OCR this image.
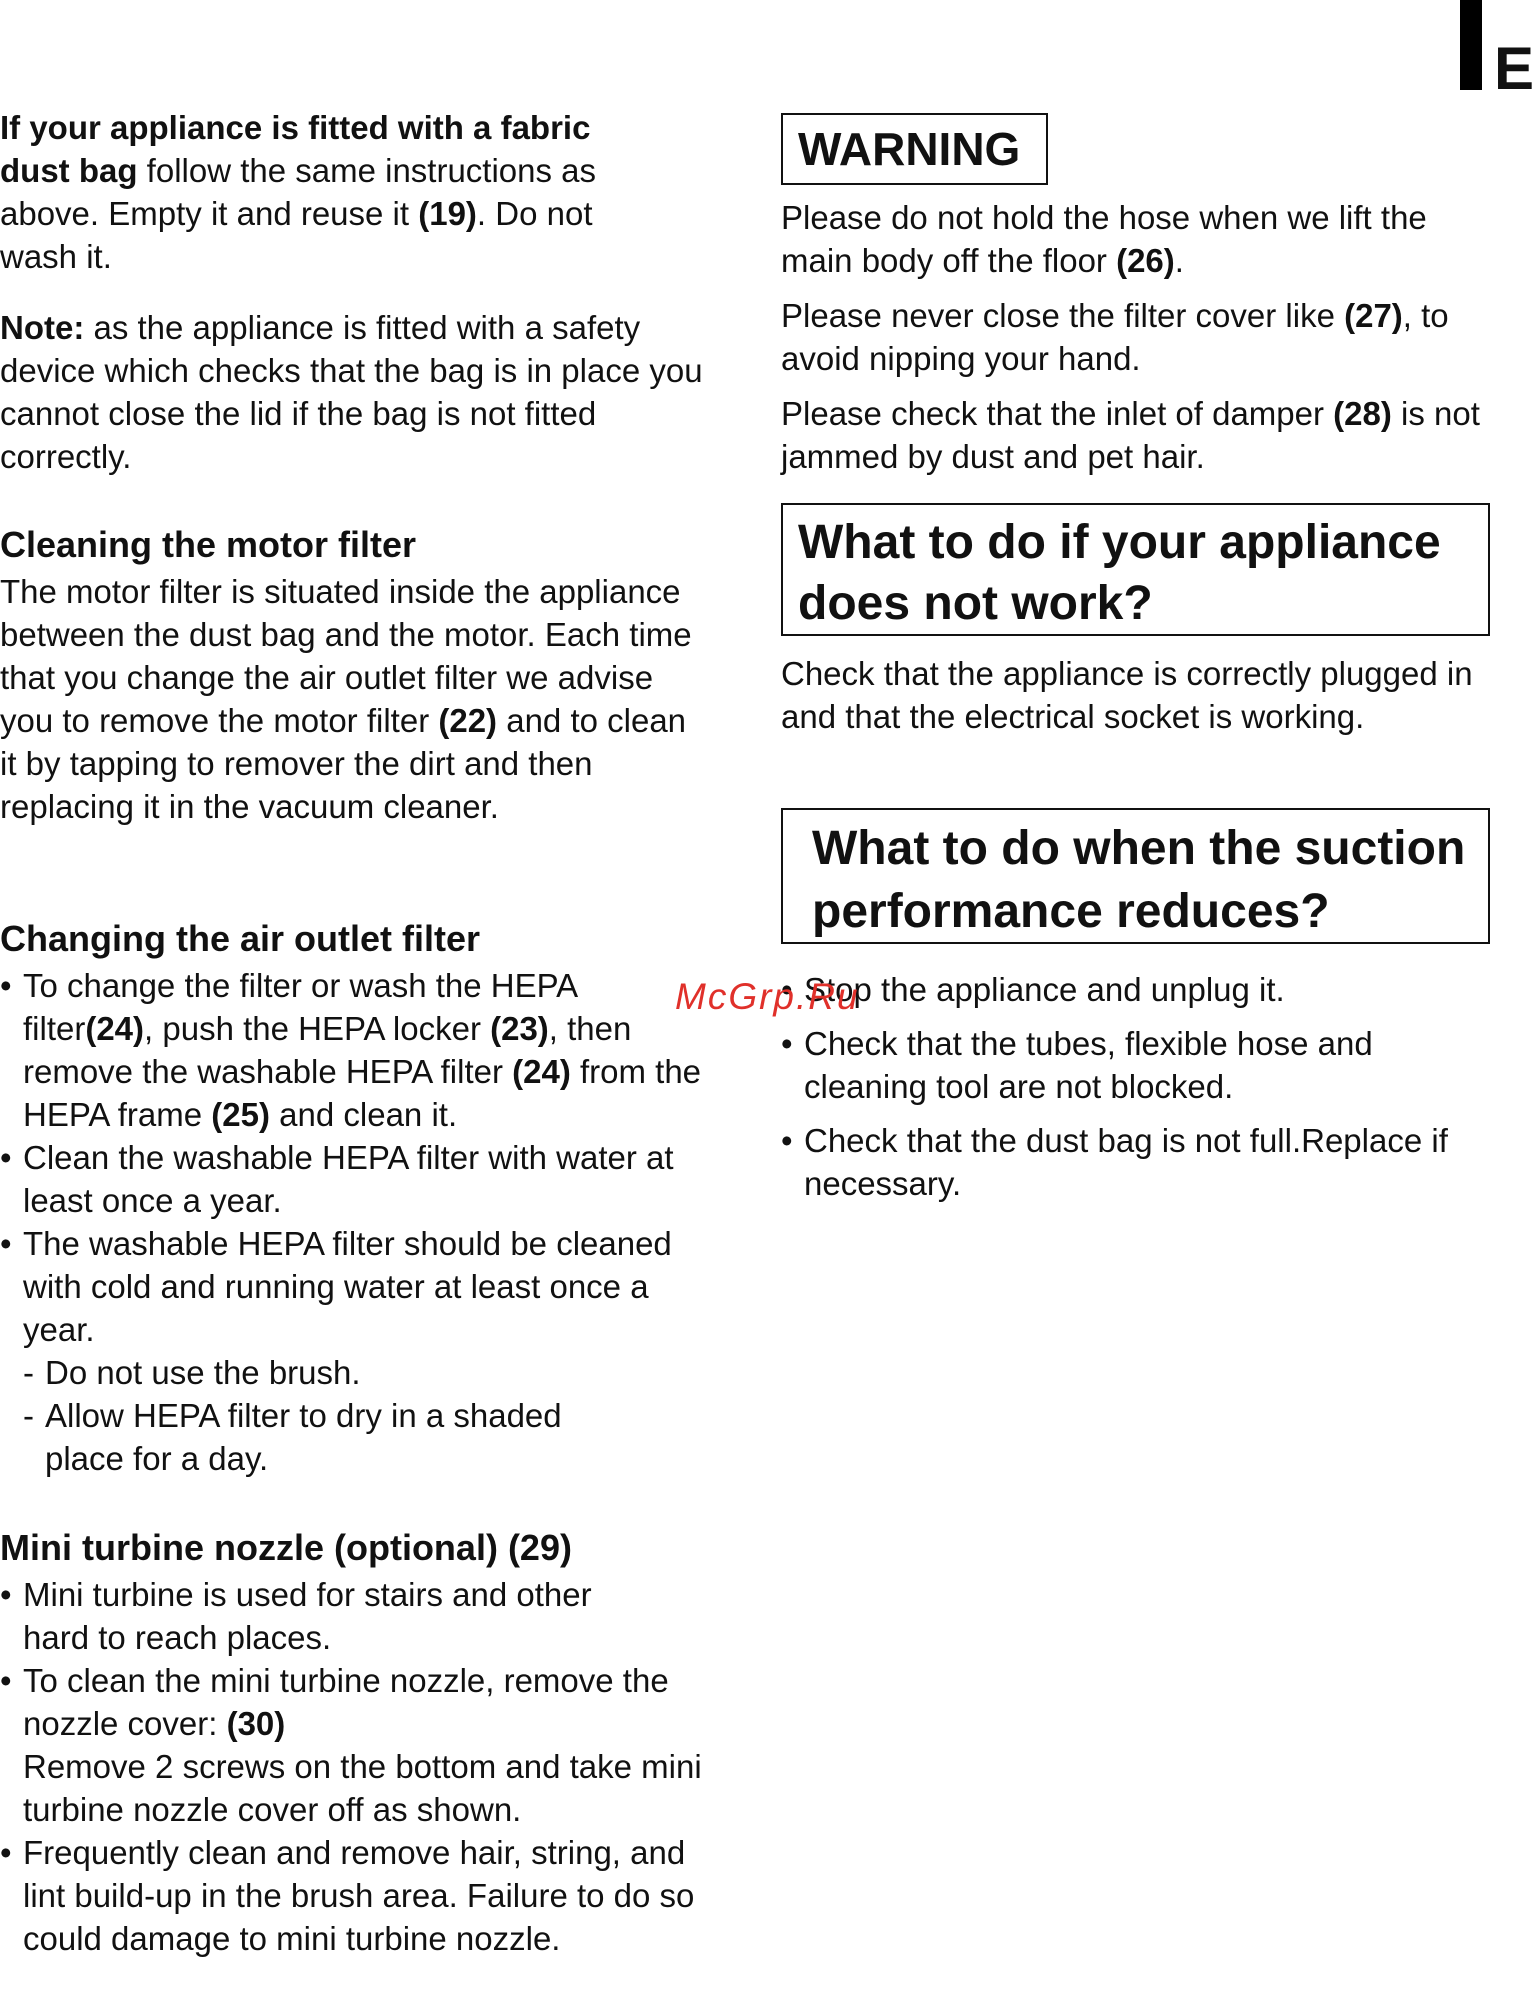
E

If your appliance is fitted with a fabric dust bag follow the same instructions as above. Empty it and reuse it (19). Do not wash it.

Note: as the appliance is fitted with a safety device which checks that the bag is in place you cannot close the lid if the bag is not fitted correctly.

Cleaning the motor filter

The motor filter is situated inside the appliance between the dust bag and the motor. Each time that you change the air outlet filter we advise you to remove the motor filter (22) and to clean it by tapping to remover the dirt and then replacing it in the vacuum cleaner.

Changing the air outlet filter
• To change the filter or wash the HEPA filter(24), push the HEPA locker (23), then remove the washable HEPA filter (24) from the HEPA frame (25) and clean it.
• Clean the washable HEPA filter with water at least once a year.
• The washable HEPA filter should be cleaned with cold and running water at least once a year.
- Do not use the brush.
- Allow HEPA filter to dry in a shaded place for a day.
Mini turbine nozzle (optional) (29)
• Mini turbine is used for stairs and other hard to reach places.
• To clean the mini turbine nozzle, remove the nozzle cover: (30)
Remove 2 screws on the bottom and take mini turbine nozzle cover off as shown.
• Frequently clean and remove hair, string, and lint build-up in the brush area. Failure to do so could damage to mini turbine nozzle.
WARNING

Please do not hold the hose when we lift the main body off the floor (26).

Please never close the filter cover like (27), to avoid nipping your hand.

Please check that the inlet of damper (28) is not jammed by dust and pet hair.

Check that the appliance is correctly plugged in and that the electrical socket is working.

• Stop the appliance and unplug it.
• Check that the tubes, flexible hose and cleaning tool are not blocked.
• Check that the dust bag is not full.Replace if necessary.
What to do if your appliance does not work?
What to do when the suction performance reduces?
McGrp.Ru
